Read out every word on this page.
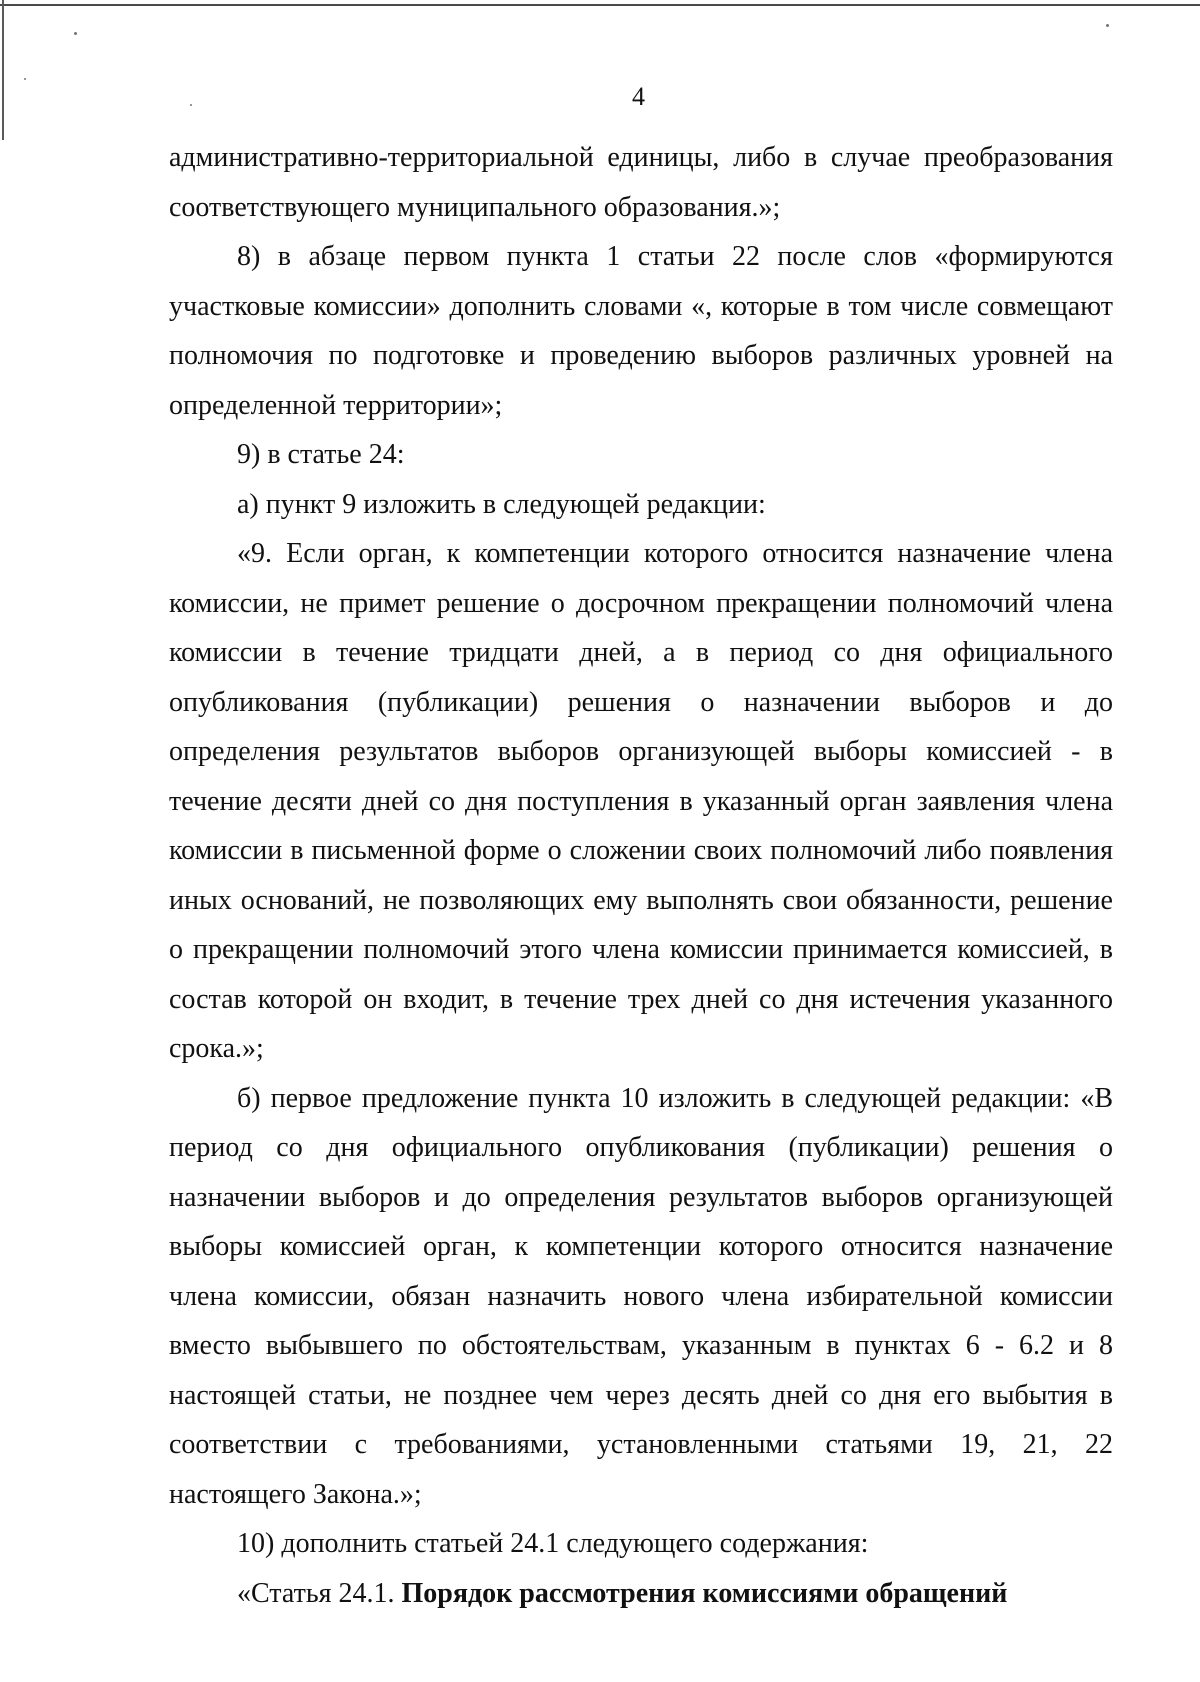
4

административно-территориальной единицы, либо в случае преобразования соответствующего муниципального образования.»;

8) в абзаце первом пункта 1 статьи 22 после слов «формируются участковые комиссии» дополнить словами «, которые в том числе совмещают полномочия по подготовке и проведению выборов различных уровней на определенной территории»;

9) в статье 24:

а) пункт 9 изложить в следующей редакции:

«9. Если орган, к компетенции которого относится назначение члена комиссии, не примет решение о досрочном прекращении полномочий члена комиссии в течение тридцати дней, а в период со дня официального опубликования (публикации) решения о назначении выборов и до определения результатов выборов организующей выборы комиссией - в течение десяти дней со дня поступления в указанный орган заявления члена комиссии в письменной форме о сложении своих полномочий либо появления иных оснований, не позволяющих ему выполнять свои обязанности, решение о прекращении полномочий этого члена комиссии принимается комиссией, в состав которой он входит, в течение трех дней со дня истечения указанного срока.»;

б) первое предложение пункта 10 изложить в следующей редакции: «В период со дня официального опубликования (публикации) решения о назначении выборов и до определения результатов выборов организующей выборы комиссией орган, к компетенции которого относится назначение члена комиссии, обязан назначить нового члена избирательной комиссии вместо выбывшего по обстоятельствам, указанным в пунктах 6 - 6.2 и 8 настоящей статьи, не позднее чем через десять дней со дня его выбытия в соответствии с требованиями, установленными статьями 19, 21, 22 настоящего Закона.»;

10) дополнить статьей 24.1 следующего содержания:

«Статья 24.1. Порядок рассмотрения комиссиями обращений
